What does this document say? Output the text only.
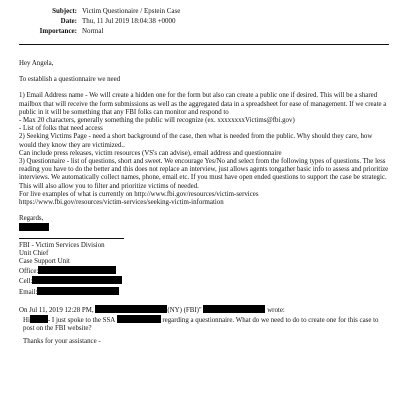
Subject: Victim Questionaire / Epstein Case
Date: Thu, 11 Jul 2019 18:04:38 +0000
Importance: Normal

Hey Angela,

To establish a questionnaire we need

1) Email Address name - We will create a hidden one for the form but also can create a public one if desired. This will be a shared mailbox that will receive the form submissions as well as the aggregated data in a spreadsheet for ease of management. If we create a public in it will be something that any FBI folks can monitor and respond to

- Max 20 characters, generally something the public will recognize (ex. xxxxxxxxVictims@fbi.gov)

- List of folks that need access

2) Seeking Victims Page - need a short background of the case, then what is needed from the public. Why should they care, how would they know they are victimized..

Can include press releases, victim resources (VS's can advise), email address and questionnaire

3) Questionnaire - list of questions, short and sweet. We encourage Yes/No and select from the following types of questions. The less reading you have to do the better and this does not replace an interview, just allows agents tongather basic info to assess and prioritize interviews. We automatically collect names, phone, email etc. If you must have open ended questions to support the case be strategic. This will also allow you to filter and prioritize victims of needed.

For live examples of what is currently on http://www.fbi.gov/resources/victim-services

https://www.fbi.gov/resources/victim-services/seeking-victim-information

Regards,

FBI - Victim Services Division

Unit Chief

Case Support Unit

Office:

Cell:

Email:

On Jul 11, 2019 12:28 PM,	(NY) (FBI)"	wrote:

Hi	- I just spoke to the SSA	regarding a questionnaire. What do we need to do to create one for this case to post on the FBI website?

Thanks for your assistance -
